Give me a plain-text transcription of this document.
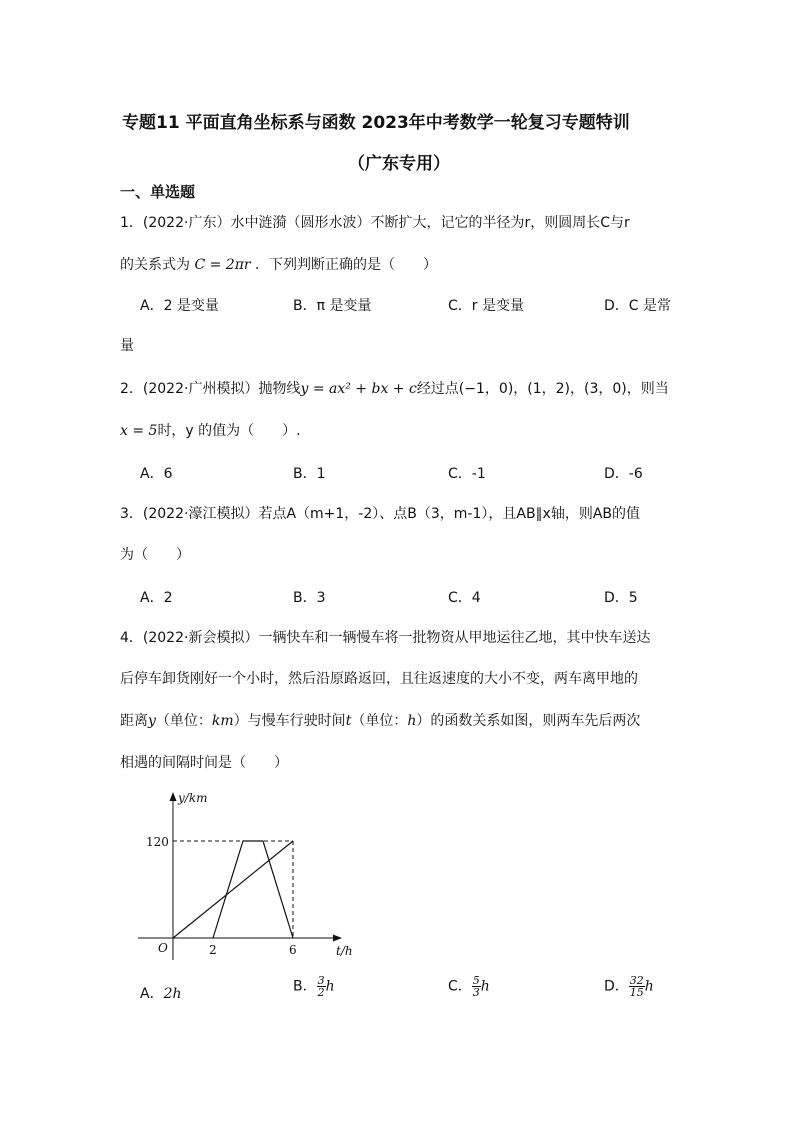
专题11 平面直角坐标系与函数 2023年中考数学一轮复习专题特训
（广东专用）
一、单选题
1．(2022·广东）水中涟漪（圆形水波）不断扩大，记它的半径为r，则圆周长C与r
的关系式为 C = 2πr ．下列判断正确的是（　　）
A．2 是变量	B．π 是变量	C．r 是变量	D．C 是常
量
2．(2022·广州模拟）抛物线y = ax² + bx + c经过点(−1，0)，(1，2)，(3，0)，则当
x = 5时，y 的值为（　　）.
A．6	B．1	C．-1	D．-6
3．(2022·濠江模拟）若点A（m+1，-2）、点B（3，m-1），且AB∥x轴，则AB的值
为（　　）
A．2	B．3	C．4	D．5
4．(2022·新会模拟）一辆快车和一辆慢车将一批物资从甲地运往乙地，其中快车送达
后停车卸货刚好一个小时，然后沿原路返回，且往返速度的大小不变，两车离甲地的
距离y（单位：km）与慢车行驶时间t（单位：h）的函数关系如图，则两车先后两次
相遇的间隔时间是（　　）
2	6
120
O	t/h
y/km
A．2h	B． $\frac{3}{2}$ h	C． $\frac{5}{3}$ h	D． $\frac{32}{15}$ h
